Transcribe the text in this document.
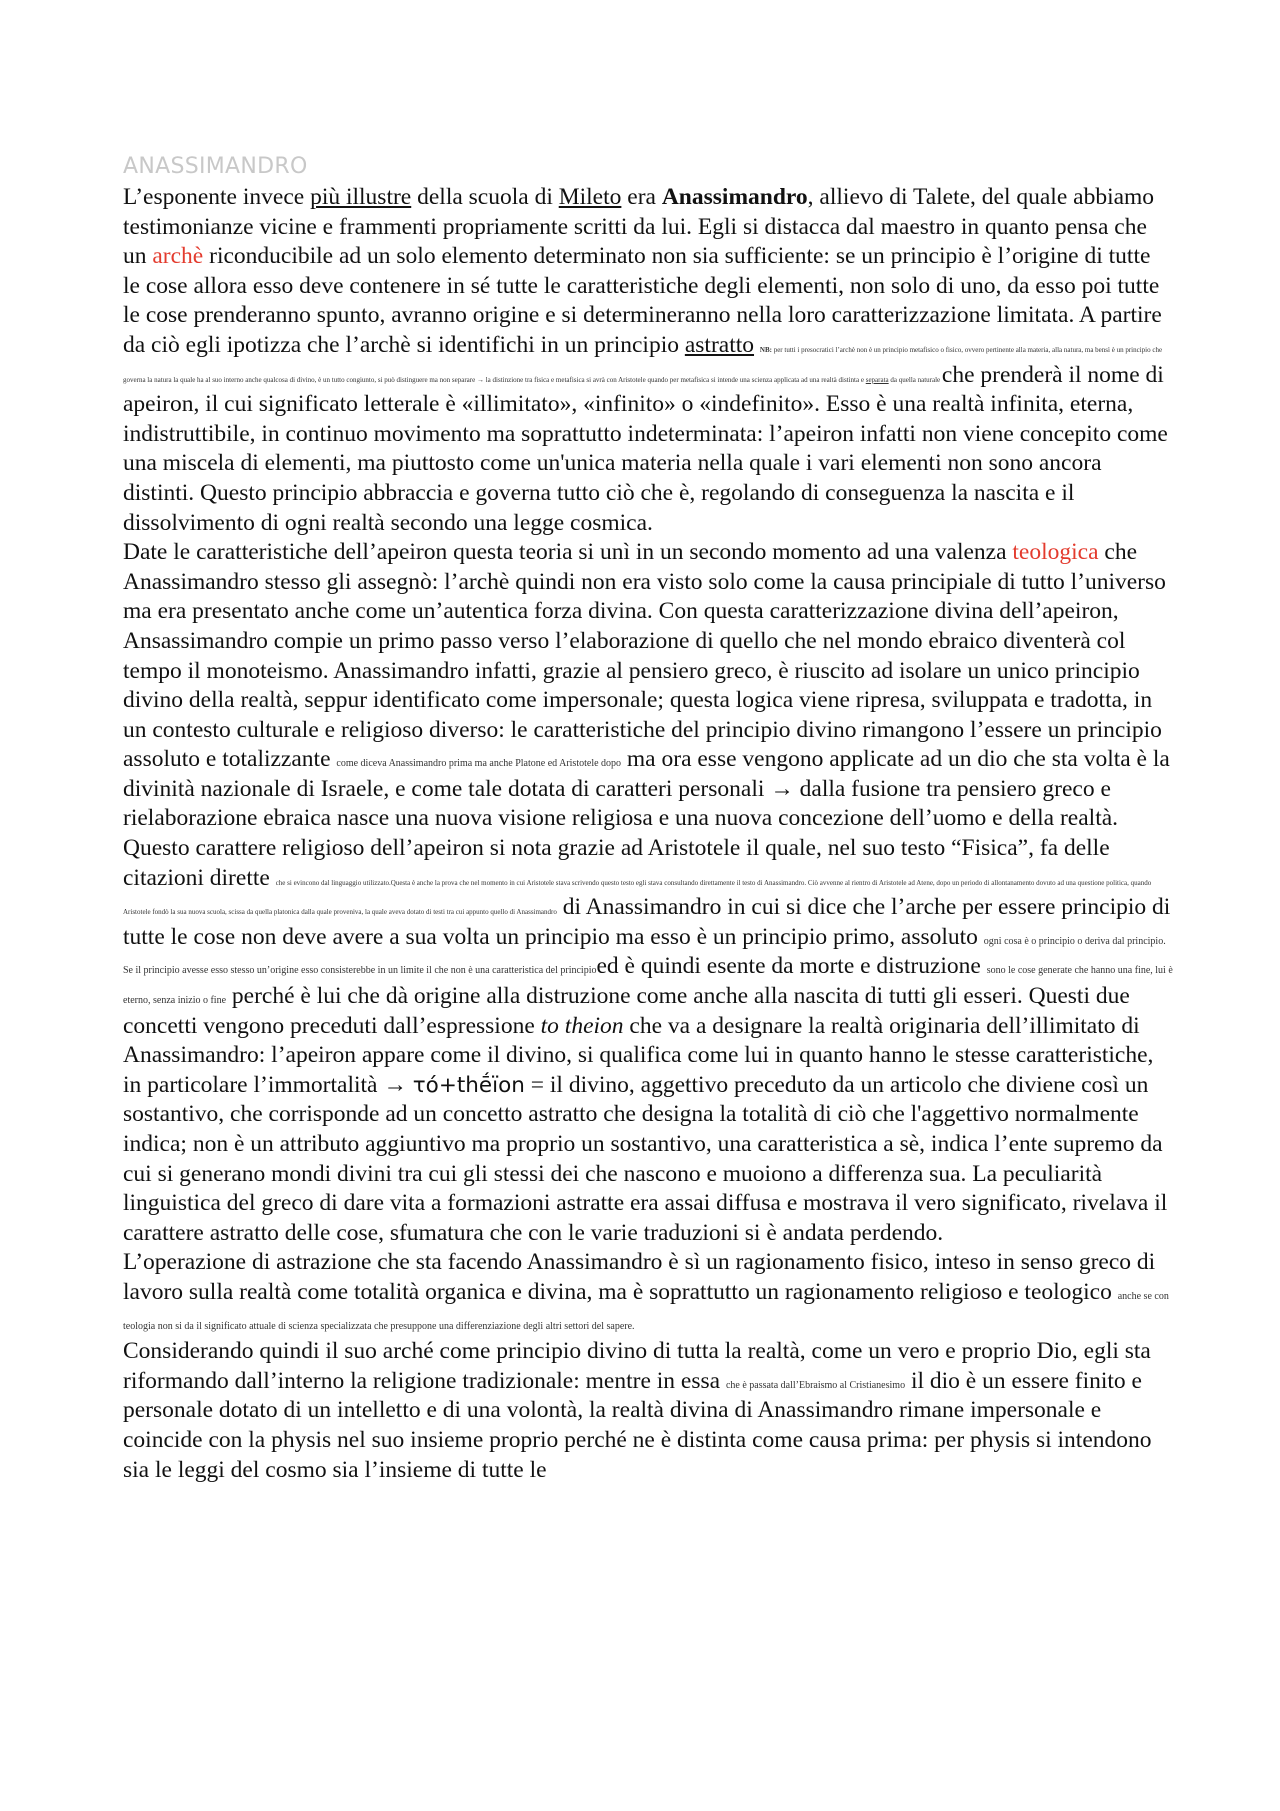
ANASSIMANDRO

L’esponente invece più illustre della scuola di Mileto era Anassimandro, allievo di Talete, del quale abbiamo testimonianze vicine e frammenti propriamente scritti da lui. Egli si distacca dal maestro in quanto pensa che un archè riconducibile ad un solo elemento determinato non sia sufficiente: se un principio è l’origine di tutte le cose allora esso deve contenere in sé tutte le caratteristiche degli elementi, non solo di uno, da esso poi tutte le cose prenderanno spunto, avranno origine e si determineranno nella loro caratterizzazione limitata. A partire da ciò egli ipotizza che l’archè si identifichi in un principio astratto NB: per tutti i presocratici l’archè non è un principio metafisico o fisico, ovvero pertinente alla materia, alla natura, ma bensì è un principio che governa la natura la quale ha al suo interno anche qualcosa di divino, è un tutto congiunto, si può distinguere ma non separare → la distinzione tra fisica e metafisica si avrà con Aristotele quando per metafisica si intende una scienza applicata ad una realtà distinta e separata da quella naturale che prenderà il nome di apeiron, il cui significato letterale è «illimitato», «infinito» o «indefinito». Esso è una realtà infinita, eterna, indistruttibile, in continuo movimento ma soprattutto indeterminata: l’apeiron infatti non viene concepito come una miscela di elementi, ma piuttosto come un'unica materia nella quale i vari elementi non sono ancora distinti. Questo principio abbraccia e governa tutto ciò che è, regolando di conseguenza la nascita e il dissolvimento di ogni realtà secondo una legge cosmica.

Date le caratteristiche dell’apeiron questa teoria si unì in un secondo momento ad una valenza teologica che Anassimandro stesso gli assegnò: l’archè quindi non era visto solo come la causa principiale di tutto l’universo ma era presentato anche come un’autentica forza divina. Con questa caratterizzazione divina dell’apeiron, Ansassimandro compie un primo passo verso l’elaborazione di quello che nel mondo ebraico diventerà col tempo il monoteismo. Anassimandro infatti, grazie al pensiero greco, è riuscito ad isolare un unico principio divino della realtà, seppur identificato come impersonale; questa logica viene ripresa, sviluppata e tradotta, in un contesto culturale e religioso diverso: le caratteristiche del principio divino rimangono l’essere un principio assoluto e totalizzante come diceva Anassimandro prima ma anche Platone ed Aristotele dopo ma ora esse vengono applicate ad un dio che sta volta è la divinità nazionale di Israele, e come tale dotata di caratteri personali → dalla fusione tra pensiero greco e rielaborazione ebraica nasce una nuova visione religiosa e una nuova concezione dell’uomo e della realtà.

Questo carattere religioso dell’apeiron si nota grazie ad Aristotele il quale, nel suo testo “Fisica”, fa delle citazioni dirette che si evincono dal linguaggio utilizzato.Questa è anche la prova che nel momento in cui Aristotele stava scrivendo questo testo egli stava consultando direttamente il testo di Anassimandro. Ciò avvenne al rientro di Aristotele ad Atene, dopo un periodo di allontanamento dovuto ad una questione politica, quando Aristotele fondò la sua nuova scuola, scissa da quella platonica dalla quale proveniva, la quale aveva dotato di testi tra cui appunto quello di Anassimandro di Anassimandro in cui si dice che l’arche per essere principio di tutte le cose non deve avere a sua volta un principio ma esso è un principio primo, assoluto ogni cosa è o principio o deriva dal principio. Se il principio avesse esso stesso un’origine esso consisterebbe in un limite il che non è una caratteristica del principioed è quindi esente da morte e distruzione sono le cose generate che hanno una fine, lui è eterno, senza inizio o fine perché è lui che dà origine alla distruzione come anche alla nascita di tutti gli esseri. Questi due concetti vengono preceduti dall’espressione to theion che va a designare la realtà originaria dell’illimitato di Anassimandro: l’apeiron appare come il divino, si qualifica come lui in quanto hanno le stesse caratteristiche, in particolare l’immortalità → τό+thḗïon = il divino, aggettivo preceduto da un articolo che diviene così un sostantivo, che corrisponde ad un concetto astratto che designa la totalità di ciò che l'aggettivo normalmente indica; non è un attributo aggiuntivo ma proprio un sostantivo, una caratteristica a sè, indica l’ente supremo da cui si generano mondi divini tra cui gli stessi dei che nascono e muoiono a differenza sua. La peculiarità linguistica del greco di dare vita a formazioni astratte era assai diffusa e mostrava il vero significato, rivelava il carattere astratto delle cose, sfumatura che con le varie traduzioni si è andata perdendo.

L’operazione di astrazione che sta facendo Anassimandro è sì un ragionamento fisico, inteso in senso greco di lavoro sulla realtà come totalità organica e divina, ma è soprattutto un ragionamento religioso e teologico anche se con teologia non si da il significato attuale di scienza specializzata che presuppone una differenziazione degli altri settori del sapere.

Considerando quindi il suo arché come principio divino di tutta la realtà, come un vero e proprio Dio, egli sta riformando dall’interno la religione tradizionale: mentre in essa che è passata dall’Ebraismo al Cristianesimo il dio è un essere finito e personale dotato di un intelletto e di una volontà, la realtà divina di Anassimandro rimane impersonale e coincide con la physis nel suo insieme proprio perché ne è distinta come causa prima: per physis si intendono sia le leggi del cosmo sia l’insieme di tutte le
